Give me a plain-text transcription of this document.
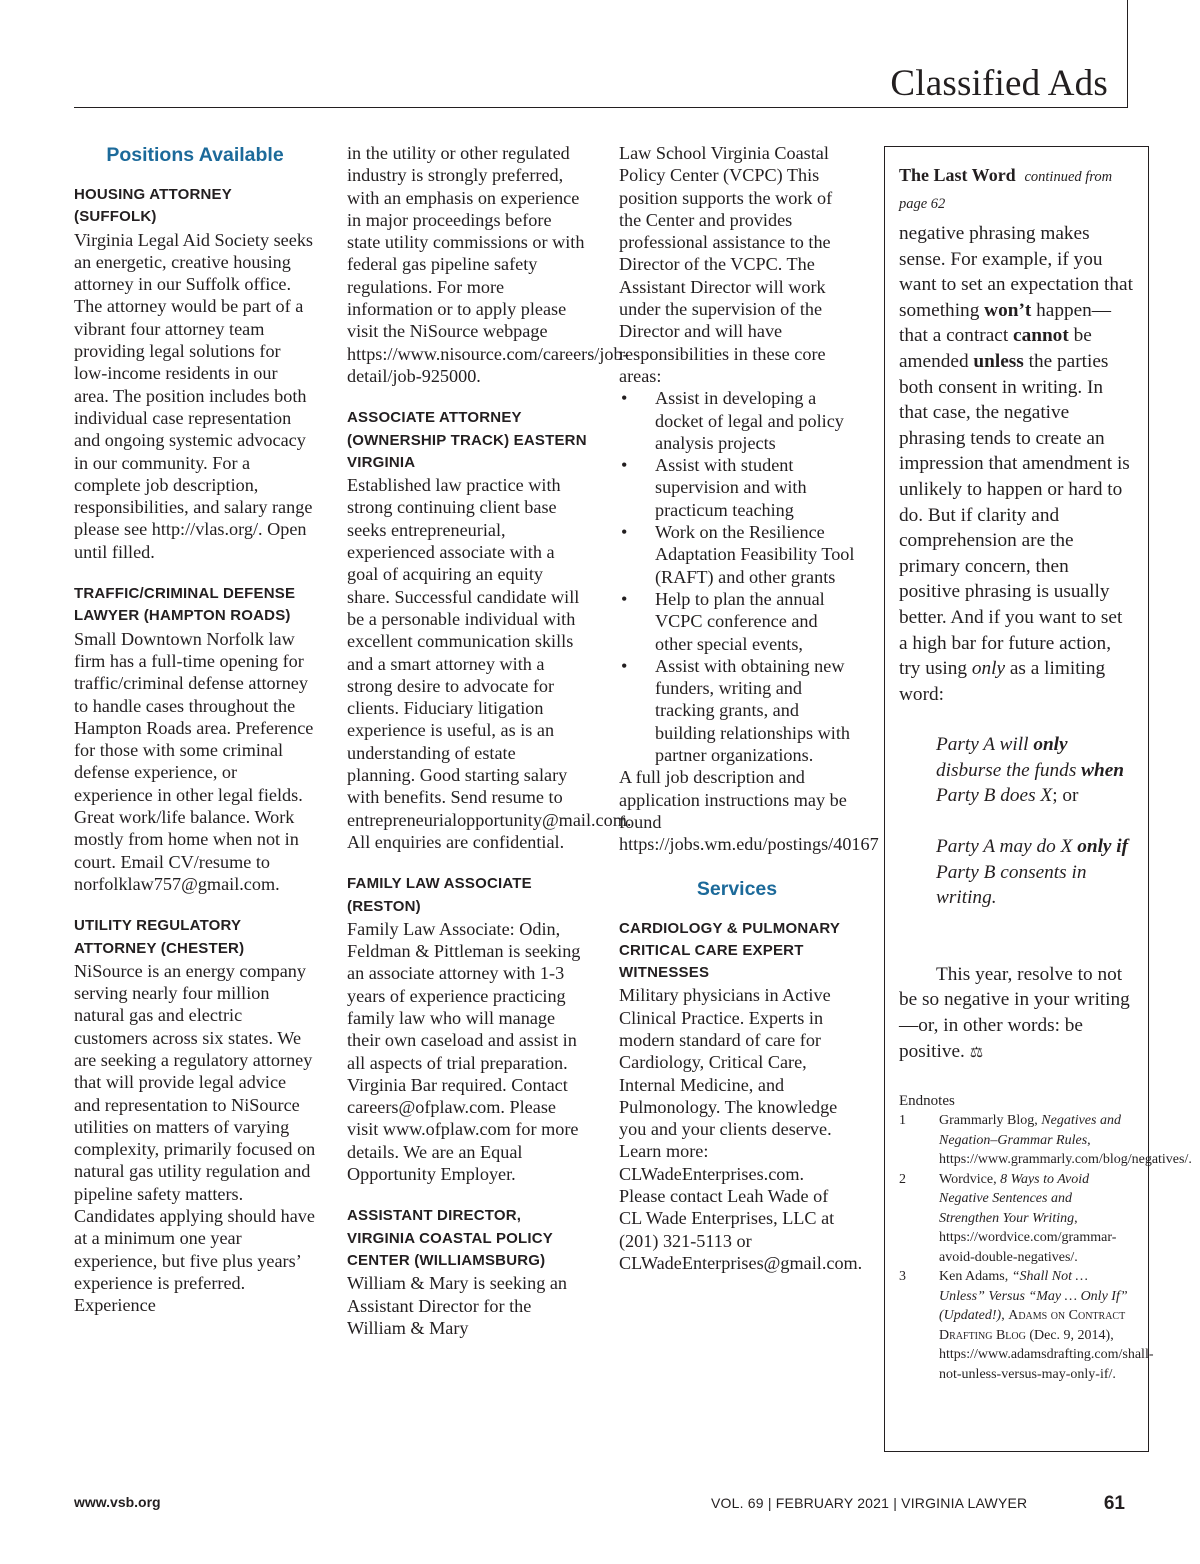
Classified Ads
Positions Available

HOUSING ATTORNEY (SUFFOLK)

Virginia Legal Aid Society seeks an energetic, creative housing attorney in our Suffolk office. The attorney would be part of a vibrant four attorney team providing legal solutions for low-income residents in our area. The position includes both individual case representation and ongoing systemic advocacy in our community. For a complete job description, responsibilities, and salary range please see http://vlas.org/. Open until filled.

TRAFFIC/CRIMINAL DEFENSE LAWYER (HAMPTON ROADS)

Small Downtown Norfolk law firm has a full-time opening for traffic/criminal defense attorney to handle cases throughout the Hampton Roads area. Preference for those with some criminal defense experience, or experience in other legal fields. Great work/life balance. Work mostly from home when not in court. Email CV/resume to norfolklaw757@gmail.com.

UTILITY REGULATORY ATTORNEY (CHESTER)

NiSource is an energy company serving nearly four million natural gas and electric customers across six states. We are seeking a regulatory attorney that will provide legal advice and representation to NiSource utilities on matters of varying complexity, primarily focused on natural gas utility regulation and pipeline safety matters. Candidates applying should have at a minimum one year experience, but five plus years’ experience is preferred. Experience

in the utility or other regulated industry is strongly preferred, with an emphasis on experience in major proceedings before state utility commissions or with federal gas pipeline safety regulations. For more information or to apply please visit the NiSource webpage https://www.nisource.com/careers/job-detail/job-925000.

ASSOCIATE ATTORNEY (OWNERSHIP TRACK) EASTERN VIRGINIA

Established law practice with strong continuing client base seeks entrepreneurial, experienced associate with a goal of acquiring an equity share. Successful candidate will be a personable individual with excellent communication skills and a smart attorney with a strong desire to advocate for clients. Fiduciary litigation experience is useful, as is an understanding of estate planning. Good starting salary with benefits. Send resume to entrepreneurialopportunity@mail.com. All enquiries are confidential.

FAMILY LAW ASSOCIATE (RESTON)

Family Law Associate: Odin, Feldman & Pittleman is seeking an associate attorney with 1-3 years of experience practicing family law who will manage their own caseload and assist in all aspects of trial preparation. Virginia Bar required. Contact careers@ofplaw.com. Please visit www.ofplaw.com for more details. We are an Equal Opportunity Employer.

ASSISTANT DIRECTOR, VIRGINIA COASTAL POLICY CENTER (WILLIAMSBURG)

William & Mary is seeking an Assistant Director for the William & Mary

Law School Virginia Coastal Policy Center (VCPC) This position supports the work of the Center and provides professional assistance to the Director of the VCPC. The Assistant Director will work under the supervision of the Director and will have responsibilities in these core areas:

• Assist in developing a docket of legal and policy analysis projects
• Assist with student supervision and with practicum teaching
• Work on the Resilience Adaptation Feasibility Tool (RAFT) and other grants
• Help to plan the annual VCPC conference and other special events,
• Assist with obtaining new funders, writing and tracking grants, and building relationships with partner organizations.

A full job description and application instructions may be found https://jobs.wm.edu/postings/40167

Services

CARDIOLOGY & PULMONARY CRITICAL CARE EXPERT WITNESSES

Military physicians in Active Clinical Practice. Experts in modern standard of care for Cardiology, Critical Care, Internal Medicine, and Pulmonology. The knowledge you and your clients deserve. Learn more: CLWadeEnterprises.com. Please contact Leah Wade of CL Wade Enterprises, LLC at (201) 321-5113 or CLWadeEnterprises@gmail.com.

The Last Word continued from page 62

negative phrasing makes sense. For example, if you want to set an expectation that something won’t happen—that a contract cannot be amended unless the parties both consent in writing. In that case, the negative phrasing tends to create an impression that amendment is unlikely to happen or hard to do. But if clarity and comprehension are the primary concern, then positive phrasing is usually better. And if you want to set a high bar for future action, try using only as a limiting word:

Party A will only disburse the funds when Party B does X; or

Party A may do X only if Party B consents in writing.

This year, resolve to not be so negative in your writing—or, in other words: be positive. ⚖

Endnotes

1 Grammarly Blog, Negatives and Negation–Grammar Rules, https://www.grammarly.com/blog/negatives/.
2 Wordvice, 8 Ways to Avoid Negative Sentences and Strengthen Your Writing, https://wordvice.com/grammar-avoid-double-negatives/.
3 Ken Adams, “Shall Not … Unless” Versus “May … Only If” (Updated!), Adams on Contract Drafting Blog (Dec. 9, 2014), https://www.adamsdrafting.com/shall-not-unless-versus-may-only-if/.
www.vsb.org	VOL. 69 | FEBRUARY 2021 | VIRGINIA LAWYER	61
